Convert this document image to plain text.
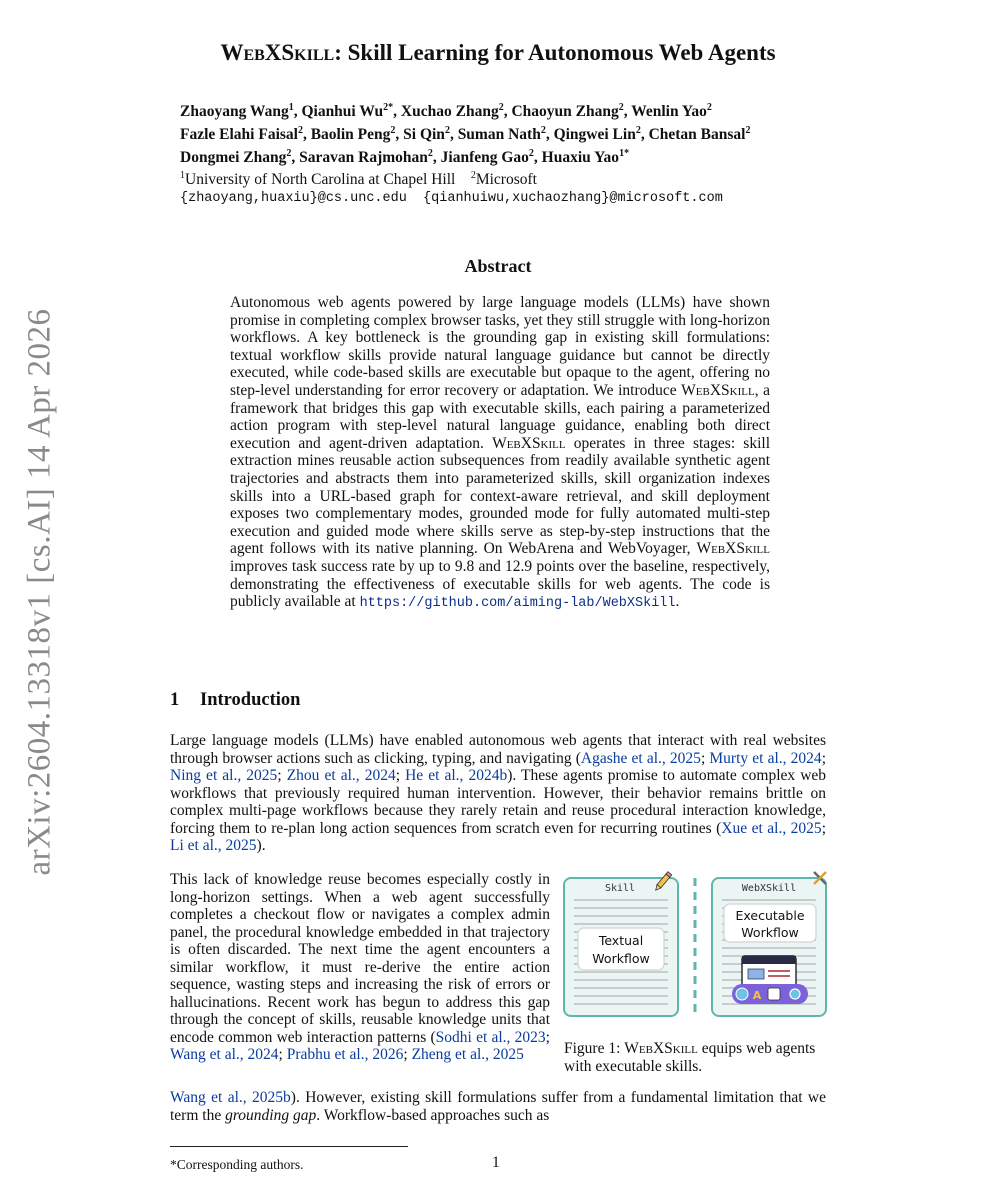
arXiv:2604.13318v1 [cs.AI] 14 Apr 2026
WebXSkill: Skill Learning for Autonomous Web Agents
Zhaoyang Wang$^1$, Qianhui $Wu^{2*}$, Xuchao Zhang$^2$, Chaoyun Zhang$^2$, Wenlin Yao$^2$
Fazle Elahi Faisal$^2$, Baolin Peng$^2$, Si Qin$^2$, Suman Nath$^2$, Qingwei Lin$^2$, Chetan Bansal$^2$
Dongmei Zhang$^2$, Saravan Rajmohan$^2$, Jianfeng Gao$^2$, Huaxiu Yao$^{1*}$
$^1$University of North Carolina at Chapel Hill $^2$Microsoft
{zhaoyang,huaxiu}@cs.unc.edu {qianhuiwu,xuchaozhang}@microsoft.com
Abstract
Autonomous web agents powered by large language models (LLMs) have shown promise in completing complex browser tasks, yet they still struggle with long-horizon workflows. A key bottleneck is the grounding gap in existing skill formulations: textual workflow skills provide natural language guidance but cannot be directly executed, while code-based skills are executable but opaque to the agent, offering no step-level understanding for error recovery or adaptation. We introduce WebXSkill, a framework that bridges this gap with executable skills, each pairing a parameterized action program with step-level natural language guidance, enabling both direct execution and agent-driven adaptation. WebXSkill operates in three stages: skill extraction mines reusable action subsequences from readily available synthetic agent trajectories and abstracts them into parameterized skills, skill organization indexes skills into a URL-based graph for context-aware retrieval, and skill deployment exposes two complementary modes, grounded mode for fully automated multi-step execution and guided mode where skills serve as step-by-step instructions that the agent follows with its native planning. On WebArena and WebVoyager, WebXSkill improves task success rate by up to 9.8 and 12.9 points over the baseline, respectively, demonstrating the effectiveness of executable skills for web agents. The code is publicly available at https://github.com/aiming-lab/WebXSkill.
1 Introduction
Large language models (LLMs) have enabled autonomous web agents that interact with real websites through browser actions such as clicking, typing, and navigating (Agashe et al., 2025; Murty et al., 2024; Ning et al., 2025; Zhou et al., 2024; He et al., 2024b). These agents promise to automate complex web workflows that previously required human intervention. However, their behavior remains brittle on complex multi-page workflows because they rarely retain and reuse procedural interaction knowledge, forcing them to re-plan long action sequences from scratch even for recurring routines (Xue et al., 2025; Li et al., 2025).
This lack of knowledge reuse becomes especially costly in long-horizon settings. When a web agent successfully completes a checkout flow or navigates a complex admin panel, the procedural knowledge embedded in that trajectory is often discarded. The next time the agent encounters a similar workflow, it must re-derive the entire action sequence, wasting steps and increasing the risk of errors or hallucinations. Recent work has begun to address this gap through the concept of skills, reusable knowledge units that encode common web interaction patterns (Sodhi et al., 2023; Wang et al., 2024; Prabhu et al., 2026; Zheng et al., 2025
Wang et al., 2025b). However, existing skill formulations suffer from a fundamental limitation that we term the grounding gap. Workflow-based approaches such as
Skill
Textual
Workflow
WebXSkill
Executable
Workflow
A
Figure 1: WebXSkill equips web agents with executable skills.
*Corresponding authors.	1
